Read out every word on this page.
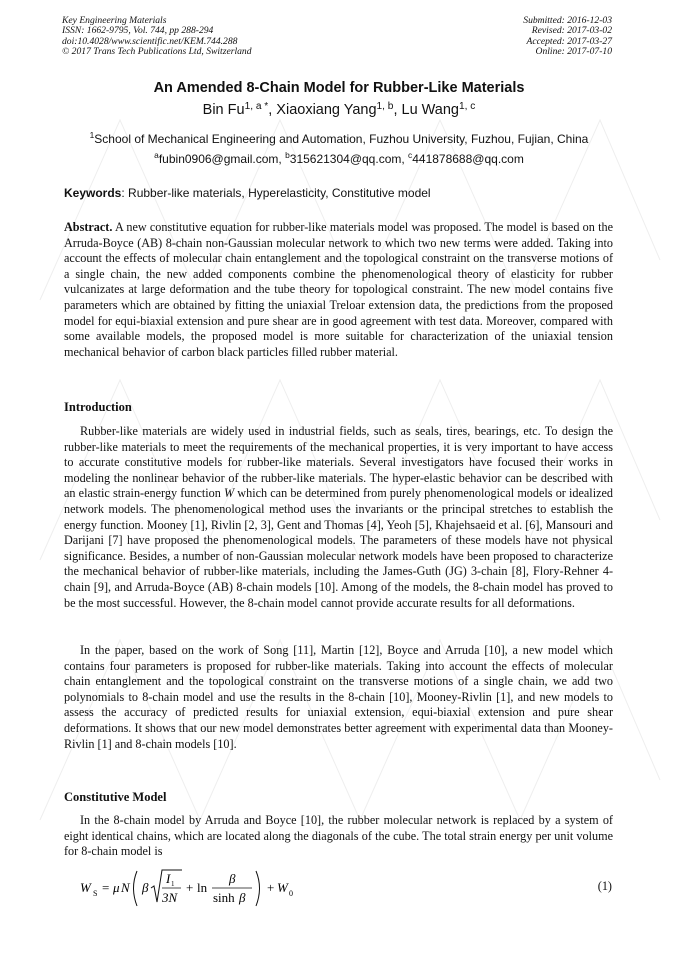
Key Engineering Materials
ISSN: 1662-9795, Vol. 744, pp 288-294
doi:10.4028/www.scientific.net/KEM.744.288
© 2017 Trans Tech Publications Ltd, Switzerland
Submitted: 2016-12-03
Revised: 2017-03-02
Accepted: 2017-03-27
Online: 2017-07-10
An Amended 8-Chain Model for Rubber-Like Materials
Bin $Fu^{1, a *}$, Xiaoxiang Yang$^{1, b}$, Lu Wang$^{1, c}$
$^1$School of Mechanical Engineering and Automation, Fuzhou University, Fuzhou, Fujian, China
$^a$fubin0906@gmail.com, $^b$315621304@qq.com, $^c$441878688@qq.com
Keywords: Rubber-like materials, Hyperelasticity, Constitutive model
Abstract. A new constitutive equation for rubber-like materials model was proposed. The model is based on the Arruda-Boyce (AB) 8-chain non-Gaussian molecular network to which two new terms were added. Taking into account the effects of molecular chain entanglement and the topological constraint on the transverse motions of a single chain, the new added components combine the phenomenological theory of elasticity for rubber vulcanizates at large deformation and the tube theory for topological constraint. The new model contains five parameters which are obtained by fitting the uniaxial Treloar extension data, the predictions from the proposed model for equi-biaxial extension and pure shear are in good agreement with test data. Moreover, compared with some available models, the proposed model is more suitable for characterization of the uniaxial tension mechanical behavior of carbon black particles filled rubber material.
Introduction
Rubber-like materials are widely used in industrial fields, such as seals, tires, bearings, etc. To design the rubber-like materials to meet the requirements of the mechanical properties, it is very important to have access to accurate constitutive models for rubber-like materials. Several investigators have focused their works in modeling the nonlinear behavior of the rubber-like materials. The hyper-elastic behavior can be described with an elastic strain-energy function W which can be determined from purely phenomenological models or idealized network models. The phenomenological method uses the invariants or the principal stretches to establish the energy function. Mooney [1], Rivlin [2, 3], Gent and Thomas [4], Yeoh [5], Khajehsaeid et al. [6], Mansouri and Darijani [7] have proposed the phenomenological models. The parameters of these models have not physical significance. Besides, a number of non-Gaussian molecular network models have been proposed to characterize the mechanical behavior of rubber-like materials, including the James-Guth (JG) 3-chain [8], Flory-Rehner 4-chain [9], and Arruda-Boyce (AB) 8-chain models [10]. Among of the models, the 8-chain model has proved to be the most successful. However, the 8-chain model cannot provide accurate results for all deformations.
In the paper, based on the work of Song [11], Martin [12], Boyce and Arruda [10], a new model which contains four parameters is proposed for rubber-like materials. Taking into account the effects of molecular chain entanglement and the topological constraint on the transverse motions of a single chain, we add two polynomials to 8-chain model and use the results in the 8-chain [10], Mooney-Rivlin [1], and new models to assess the accuracy of predicted results for uniaxial extension, equi-biaxial extension and pure shear deformations. It shows that our new model demonstrates better agreement with experimental data than Mooney-Rivlin [1] and 8-chain models [10].
Constitutive Model
In the 8-chain model by Arruda and Boyce [10], the rubber molecular network is replaced by a system of eight identical chains, which are located along the diagonals of the cube. The total strain energy per unit volume for 8-chain model is
W S = μ N β
I 1
3N
+ ln
β
sinh β
+ W 0
(1)
